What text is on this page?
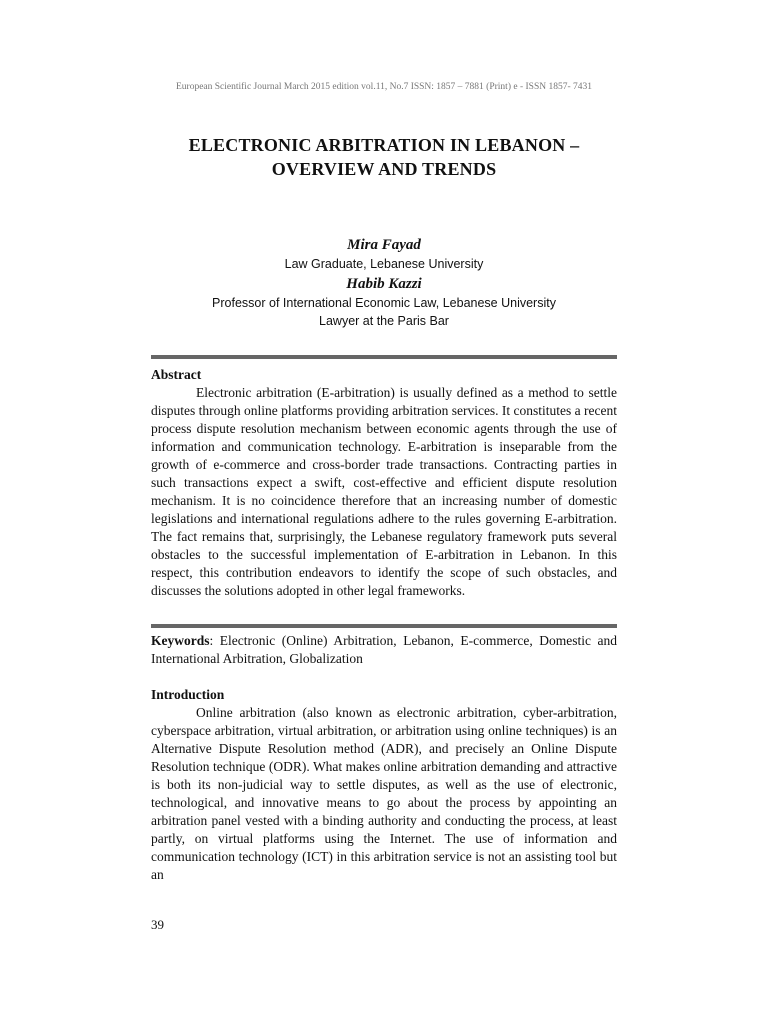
European Scientific Journal March 2015 edition vol.11, No.7 ISSN: 1857 – 7881 (Print) e - ISSN 1857- 7431
ELECTRONIC ARBITRATION IN LEBANON –
OVERVIEW AND TRENDS
Mira Fayad
Law Graduate, Lebanese University
Habib Kazzi
Professor of International Economic Law, Lebanese University
Lawyer at the Paris Bar
Abstract
Electronic arbitration (E-arbitration) is usually defined as a method to settle disputes through online platforms providing arbitration services. It constitutes a recent process dispute resolution mechanism between economic agents through the use of information and communication technology. E-arbitration is inseparable from the growth of e-commerce and cross-border trade transactions. Contracting parties in such transactions expect a swift, cost-effective and efficient dispute resolution mechanism. It is no coincidence therefore that an increasing number of domestic legislations and international regulations adhere to the rules governing E-arbitration. The fact remains that, surprisingly, the Lebanese regulatory framework puts several obstacles to the successful implementation of E-arbitration in Lebanon. In this respect, this contribution endeavors to identify the scope of such obstacles, and discusses the solutions adopted in other legal frameworks.
Keywords: Electronic (Online) Arbitration, Lebanon, E-commerce, Domestic and International Arbitration, Globalization
Introduction
Online arbitration (also known as electronic arbitration, cyber-arbitration, cyberspace arbitration, virtual arbitration, or arbitration using online techniques) is an Alternative Dispute Resolution method (ADR), and precisely an Online Dispute Resolution technique (ODR). What makes online arbitration demanding and attractive is both its non-judicial way to settle disputes, as well as the use of electronic, technological, and innovative means to go about the process by appointing an arbitration panel vested with a binding authority and conducting the process, at least partly, on virtual platforms using the Internet. The use of information and communication technology (ICT) in this arbitration service is not an assisting tool but an
39
